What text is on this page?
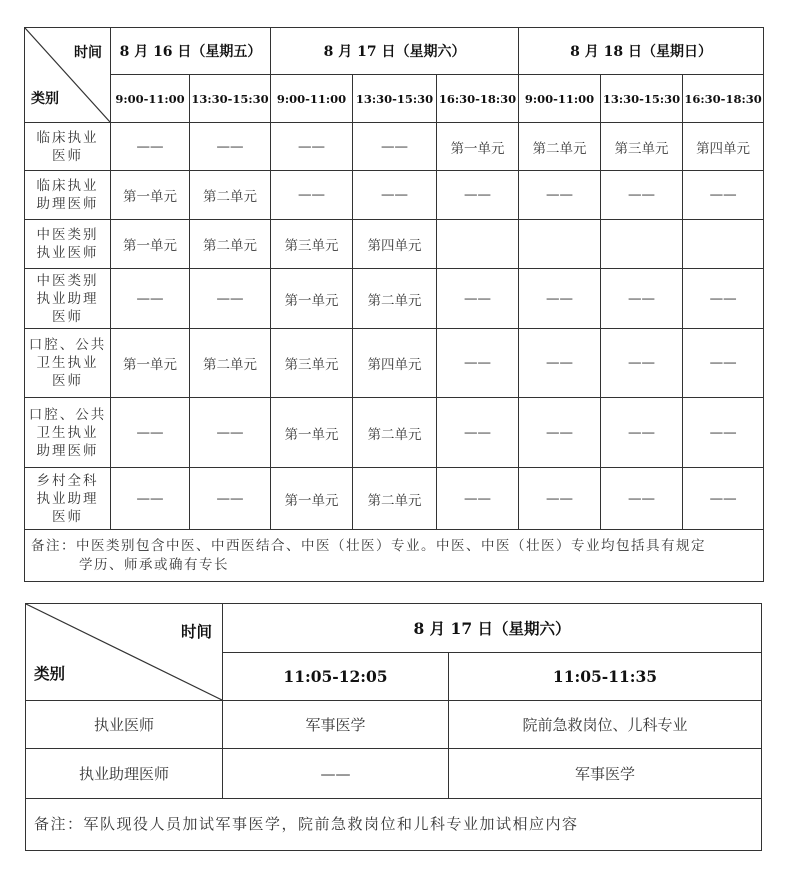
时间
类别	8 月 16 日（星期五）		8 月 17 日（星期六）			8 月 18 日（星期日）		
	9:00-11:00	13:30-15:30	9:00-11:00	13:30-15:30	16:30-18:30	9:00-11:00	13:30-15:30	16:30-18:30

临床执业
医师	——	——	——	——	第一单元	第二单元	第三单元	第四单元

临床执业
助理医师	第一单元	第二单元	——	——	——	——	——	——

中医类别
执业医师	第一单元	第二单元	第三单元	第四单元				

中医类别
执业助理
医师	——	——	第一单元	第二单元	——	——	——	——

口腔、公共
卫生执业
医师	第一单元	第二单元	第三单元	第四单元	——	——	——	——

口腔、公共
卫生执业
助理医师	——	——	第一单元	第二单元	——	——	——	——

乡村全科
执业助理
医师	——	——	第一单元	第二单元	——	——	——	——

备注：中医类别包含中医、中西医结合、中医（壮医）专业。中医、中医（壮医）专业均包括具有规定
学历、师承或确有专长								
时间
类别	8 月 17 日（星期六）	
	11:05-12:05	11:05-11:35
执业医师	军事医学	院前急救岗位、儿科专业
执业助理医师	——	军事医学
备注：军队现役人员加试军事医学，院前急救岗位和儿科专业加试相应内容		
